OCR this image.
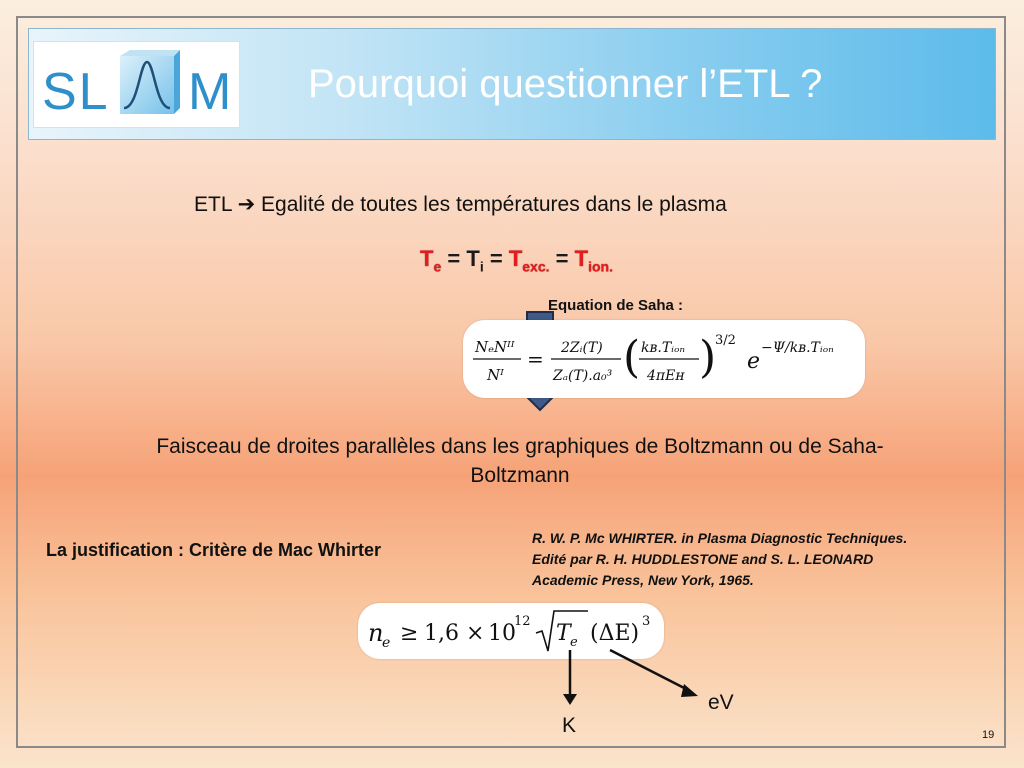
SL M Pourquoi questionner l’ETL ?
ETL ➔ Egalité de toutes les températures dans le plasma
$T_e = T_i = T_{exc.} = T_{ion.}$
Equation de Saha :
NₑNᴵᴵ
Nᴵ
= 2Zᵢ(T)
Zₐ(T).a₀³ ( kʙ.Tᵢₒₙ
4πEʜ )
3/2
e
−Ψ/kʙ.Tᵢₒₙ
Faisceau de droites parallèles dans les graphiques de Boltzmann ou de Saha-
Boltzmann
La justification : Critère de Mac Whirter
R. W. P. Mc WHIRTER. in Plasma Diagnostic Techniques.
Edité par R. H. HUDDLESTONE and S. L. LEONARD
Academic Press, New York, 1965.
n
e ≥ 1,6 × 10
12 T e (ΔE) 3
K
eV
19
